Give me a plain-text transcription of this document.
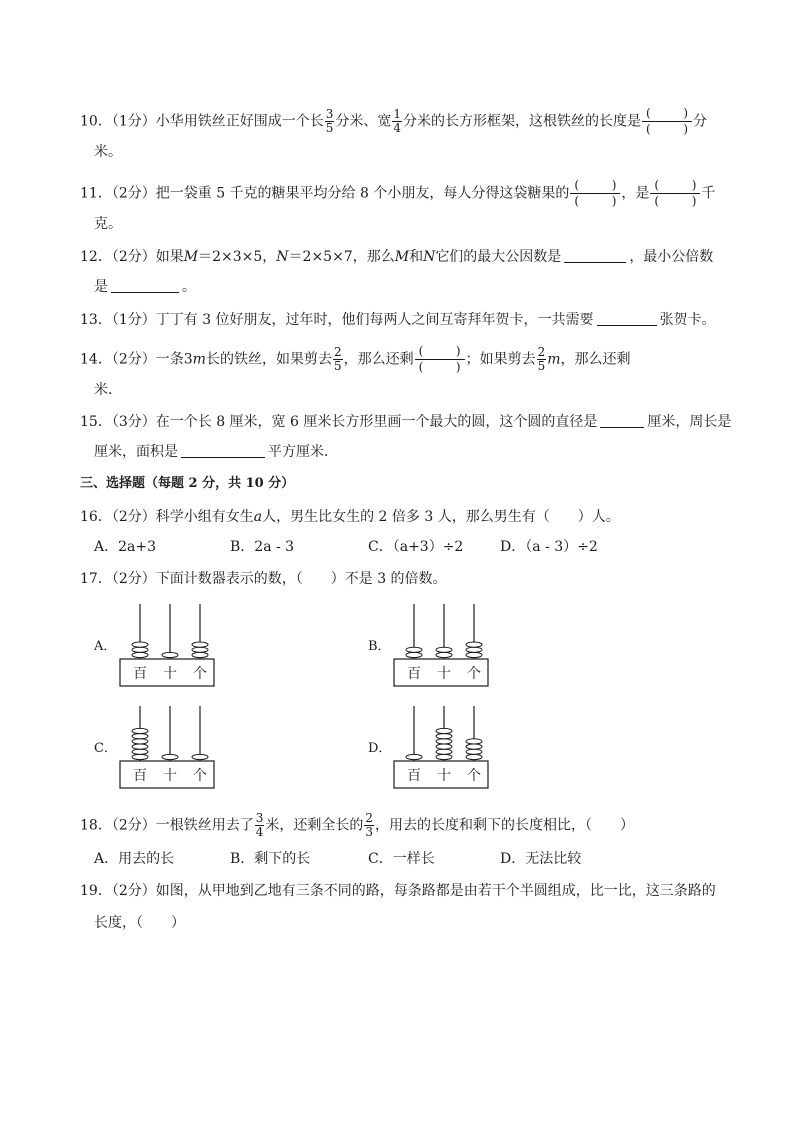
10．（1分）小华用铁丝正好围成一个长 $\frac{3}{5}$ 分米、宽 $\frac{1}{4}$ 分米的长方形框架，这根铁丝的长度是 (	)
(	) 分
米。
11．（2分）把一袋重 5 千克的糖果平均分给 8 个小朋友，每人分得这袋糖果的 (	)
(	) ，是 (	)
(	) 千
克。
12．（2分）如果M＝2×3×5，N＝2×5×7，那么M和N它们的最大公因数是	，最小公倍数
是	。
13．（1分）丁丁有 3 位好朋友，过年时，他们每两人之间互寄拜年贺卡，一共需要	张贺卡。
14．（2分）一条3m长的铁丝，如果剪去 $\frac{2}{5}$ ，那么还剩 (	)
(	) ；如果剪去 $\frac{2}{5}$ m，那么还剩
米.
15．（3分）在一个长 8 厘米，宽 6 厘米长方形里画一个最大的圆，这个圆的直径是	厘米，周长是
厘米，面积是	平方厘米．
三、选择题（每题 2 分，共 10 分）
16．（2分）科学小组有女生a人，男生比女生的 2 倍多 3 人，那么男生有（　　）人。
A．2a+3	B．2a - 3	C．（a+3）÷2	D．（a - 3）÷2
17．（2分）下面计数器表示的数，（　　）不是 3 的倍数。
A．
百 十 个
B．
百 十 个
C．
百 十 个
D．
百 十 个
18．（2分）一根铁丝用去了 $\frac{3}{4}$ 米，还剩全长的 $\frac{2}{3}$ ，用去的长度和剩下的长度相比，（　　）
A．用去的长	B．剩下的长	C．一样长	D．无法比较
19．（2分）如图，从甲地到乙地有三条不同的路，每条路都是由若干个半圆组成，比一比，这三条路的
长度，（　　）
